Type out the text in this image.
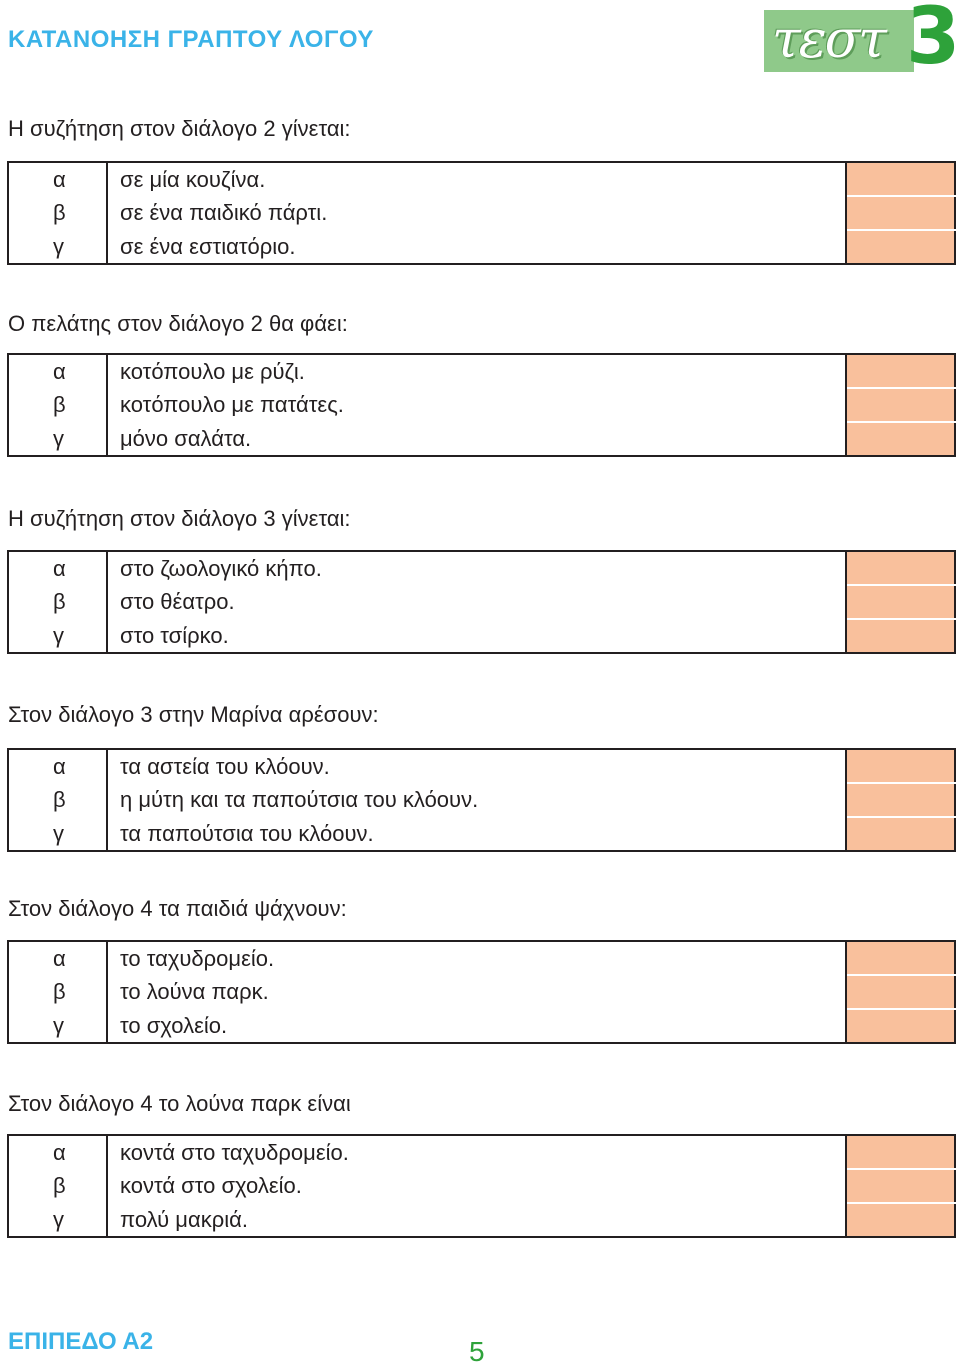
ΚΑΤΑΝΟΗΣΗ ΓΡΑΠΤΟΥ ΛΟΓΟΥ	τεστ 3
Η συζήτηση στον διάλογο 2 γίνεται:
α	σε μία κουζίνα.	
β	σε ένα παιδικό πάρτι.	
γ	σε ένα εστιατόριο.	
Ο πελάτης στον διάλογο 2 θα φάει:
α	κοτόπουλο με ρύζι.	
β	κοτόπουλο με πατάτες.	
γ	μόνο σαλάτα.	
Η συζήτηση στον διάλογο 3 γίνεται:
α	στο ζωολογικό κήπο.	
β	στο θέατρο.	
γ	στο τσίρκο.	
Στον διάλογο 3 στην Μαρίνα αρέσουν:
α	τα αστεία του κλόουν.	
β	η μύτη και τα παπούτσια του κλόουν.	
γ	τα παπούτσια του κλόουν.	
Στον διάλογο 4 τα παιδιά ψάχνουν:
α	το ταχυδρομείο.	
β	το λούνα παρκ.	
γ	το σχολείο.	
Στον διάλογο 4 το λούνα παρκ είναι
α	κοντά στο ταχυδρομείο.	
β	κοντά στο σχολείο.	
γ	πολύ μακριά.	
ΕΠΙΠΕΔΟ Α2	5
